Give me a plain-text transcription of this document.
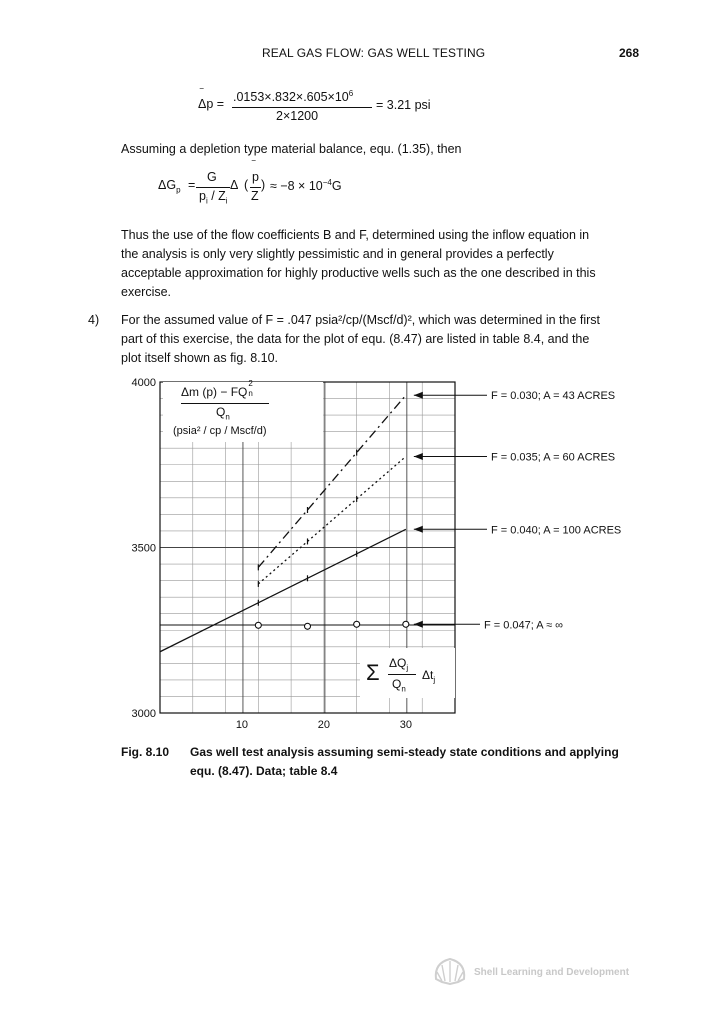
REAL GAS FLOW: GAS WELL TESTING	268
Δp =
‾ $.0153\times.832\times.605\times 10^6$
2×1200
= 3.21 psi
Assuming a depletion type material balance, equ. (1.35), then
$\Delta G_p$ =
G
$p_i / Z_i$
Δ (
‾
p
Z
) ≈ $-8 \times 10^{-4}G$
Thus the use of the flow coefficients B and F, determined using the inflow equation in
the analysis is only very slightly pessimistic and in general provides a perfectly
acceptable approximation for highly productive wells such as the one described in this
exercise.
4) For the assumed value of F = .047 psia²/cp/(Mscf/d)², which was determined in the first
part of this exercise, the data for the plot of equ. (8.47) are listed in table 8.4, and the
plot itself shown as fig. 8.10.
3000
3500
4000
10	20	30
F = 0.030; A = 43 ACRES
F = 0.035; A = 60 ACRES
F = 0.040; A = 100 ACRES
F = 0.047; A ≈ ∞
Δm (p) − FQ
2
n
$Q_n$
(psia² / cp / Mscf/d)
Σ $\Delta Q_j$
$Q_n$
$\Delta t_j$
Fig. 8.10 Gas well test analysis assuming semi-steady state conditions and applying
equ. (8.47). Data; table 8.4
Shell Learning and Development
